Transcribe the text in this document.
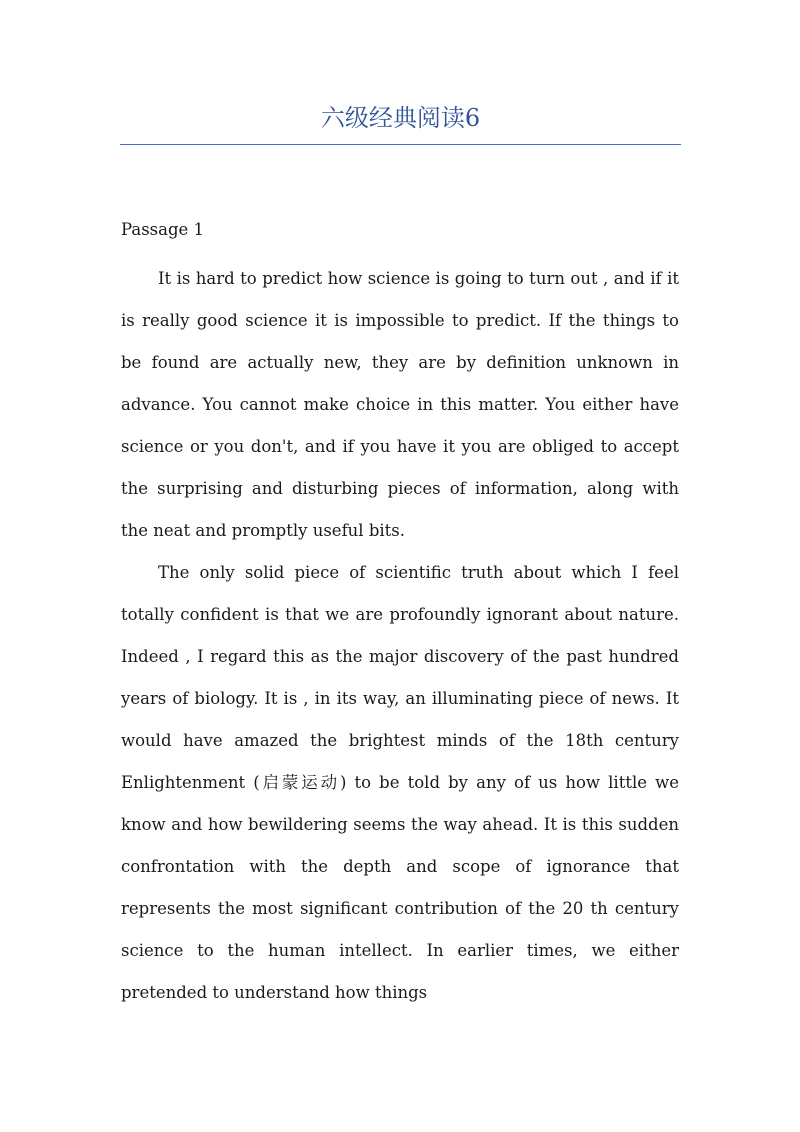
六级经典阅读6

Passage 1

It is hard to predict how science is going to turn out , and if it is really good science it is impossible to predict. If the things to be found are actually new, they are by definition unknown in advance. You cannot make choice in this matter. You either have science or you don't, and if you have it you are obliged to accept the surprising and disturbing pieces of information, along with the neat and promptly useful bits.

The only solid piece of scientific truth about which I feel totally confident is that we are profoundly ignorant about nature. Indeed , I regard this as the major discovery of the past hundred years of biology. It is , in its way, an illuminating piece of news. It would have amazed the brightest minds of the 18th century Enlightenment (启蒙运动) to be told by any of us how little we know and how bewildering seems the way ahead. It is this sudden confrontation with the depth and scope of ignorance that represents the most significant contribution of the 20 th century science to the human intellect. In earlier times, we either pretended to understand how things
